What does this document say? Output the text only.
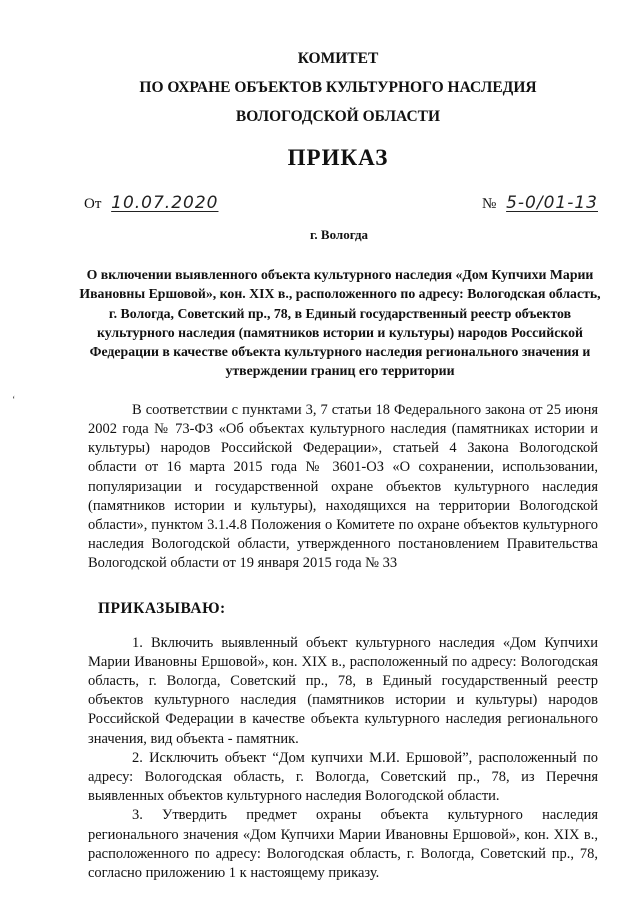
ʻ
КОМИТЕТ
ПО ОХРАНЕ ОБЪЕКТОВ КУЛЬТУРНОГО НАСЛЕДИЯ
ВОЛОГОДСКОЙ ОБЛАСТИ
ПРИКАЗ
От 10.07.2020	№ 5-0/01-13
г. Вологда
О включении выявленного объекта культурного наследия «Дом Купчихи Марии Ивановны Ершовой», кон. XIX в., расположенного по адресу: Вологодская область, г. Вологда, Советский пр., 78, в Единый государственный реестр объектов культурного наследия (памятников истории и культуры) народов Российской Федерации в качестве объекта культурного наследия регионального значения и утверждении границ его территории

В соответствии с пунктами 3, 7 статьи 18 Федерального закона от 25 июня 2002 года № 73-ФЗ «Об объектах культурного наследия (памятниках истории и культуры) народов Российской Федерации», статьей 4 Закона Вологодской области от 16 марта 2015 года № 3601-ОЗ «О сохранении, использовании, популяризации и государственной охране объектов культурного наследия (памятников истории и культуры), находящихся на территории Вологодской области», пунктом 3.1.4.8 Положения о Комитете по охране объектов культурного наследия Вологодской области, утвержденного постановлением Правительства Вологодской области от 19 января 2015 года № 33

ПРИКАЗЫВАЮ:

1. Включить выявленный объект культурного наследия «Дом Купчихи Марии Ивановны Ершовой», кон. XIX в., расположенный по адресу: Вологодская область, г. Вологда, Советский пр., 78, в Единый государственный реестр объектов культурного наследия (памятников истории и культуры) народов Российской Федерации в качестве объекта культурного наследия регионального значения, вид объекта - памятник.

2. Исключить объект “Дом купчихи М.И. Ершовой”, расположенный по адресу: Вологодская область, г. Вологда, Советский пр., 78, из Перечня выявленных объектов культурного наследия Вологодской области.

3. Утвердить предмет охраны объекта культурного наследия регионального значения «Дом Купчихи Марии Ивановны Ершовой», кон. XIX в., расположенного по адресу: Вологодская область, г. Вологда, Советский пр., 78, согласно приложению 1 к настоящему приказу.
